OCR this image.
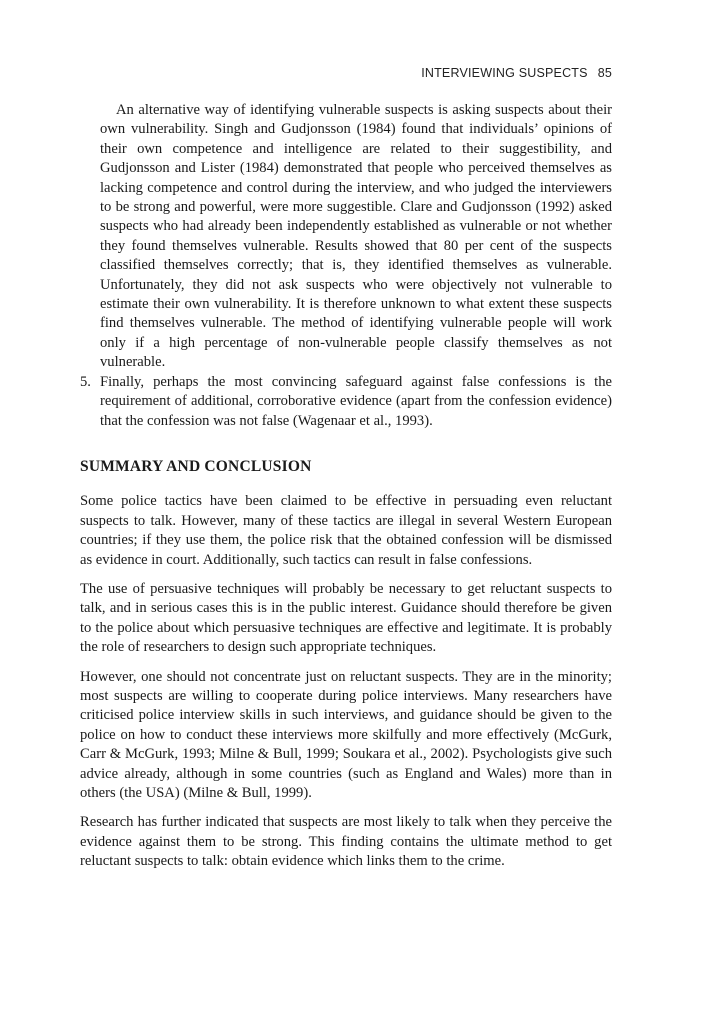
INTERVIEWING SUSPECTS 85

An alternative way of identifying vulnerable suspects is asking suspects about their own vulnerability. Singh and Gudjonsson (1984) found that individuals’ opinions of their own competence and intelligence are related to their suggestibility, and Gudjonsson and Lister (1984) demonstrated that people who perceived themselves as lacking competence and control during the interview, and who judged the interviewers to be strong and powerful, were more suggestible. Clare and Gudjonsson (1992) asked suspects who had already been independently established as vulnerable or not whether they found themselves vulnerable. Results showed that 80 per cent of the suspects classified themselves correctly; that is, they identified themselves as vulnerable. Unfortunately, they did not ask suspects who were objectively not vulnerable to estimate their own vulnerability. It is therefore unknown to what extent these suspects find themselves vulnerable. The method of identifying vulnerable people will work only if a high percentage of non-vulnerable people classify themselves as not vulnerable.

5. Finally, perhaps the most convincing safeguard against false confessions is the requirement of additional, corroborative evidence (apart from the confession evidence) that the confession was not false (Wagenaar et al., 1993).

SUMMARY AND CONCLUSION

Some police tactics have been claimed to be effective in persuading even reluctant suspects to talk. However, many of these tactics are illegal in several Western European countries; if they use them, the police risk that the obtained confession will be dismissed as evidence in court. Additionally, such tactics can result in false confessions.

The use of persuasive techniques will probably be necessary to get reluctant suspects to talk, and in serious cases this is in the public interest. Guidance should therefore be given to the police about which persuasive techniques are effective and legitimate. It is probably the role of researchers to design such appropriate techniques.

However, one should not concentrate just on reluctant suspects. They are in the minority; most suspects are willing to cooperate during police interviews. Many researchers have criticised police interview skills in such interviews, and guidance should be given to the police on how to conduct these interviews more skilfully and more effectively (McGurk, Carr & McGurk, 1993; Milne & Bull, 1999; Soukara et al., 2002). Psychologists give such advice already, although in some countries (such as England and Wales) more than in others (the USA) (Milne & Bull, 1999).

Research has further indicated that suspects are most likely to talk when they perceive the evidence against them to be strong. This finding contains the ultimate method to get reluctant suspects to talk: obtain evidence which links them to the crime.
